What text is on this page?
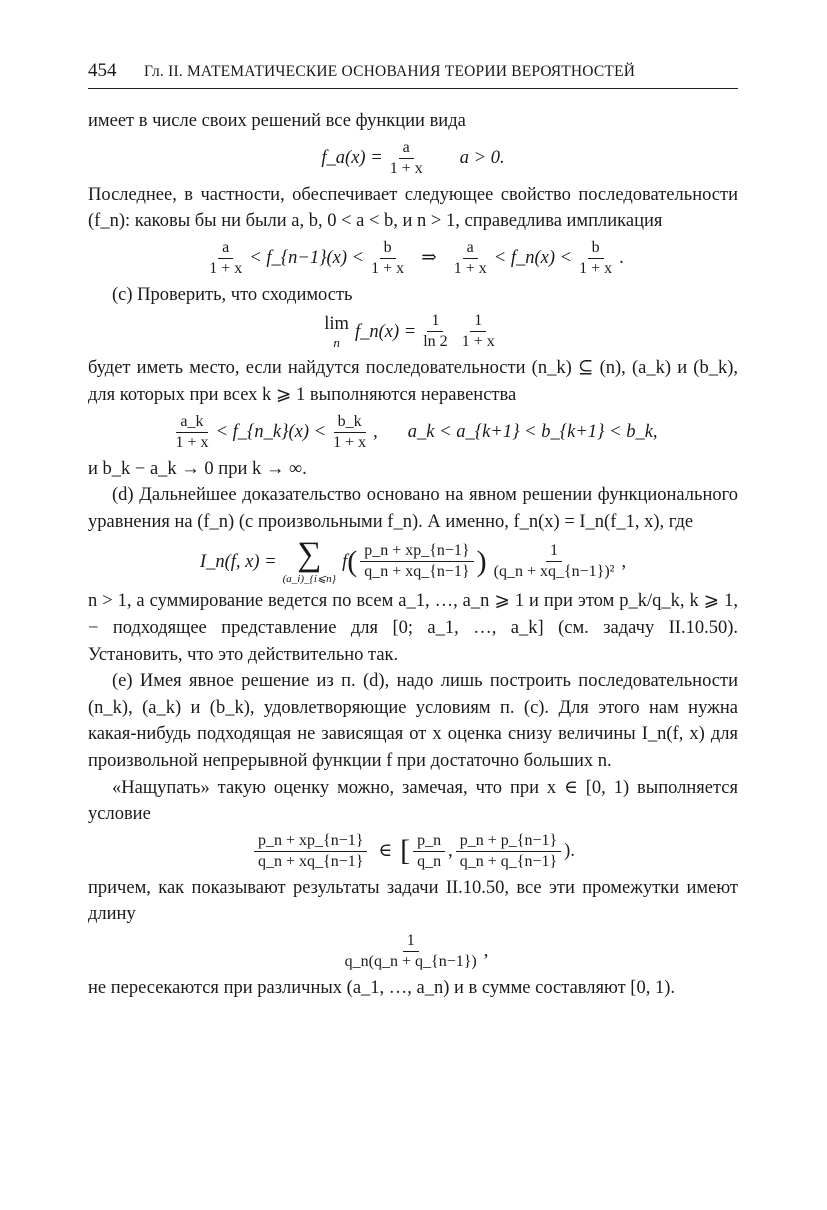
454 Гл. II. МАТЕМАТИЧЕСКИЕ ОСНОВАНИЯ ТЕОРИИ ВЕРОЯТНОСТЕЙ

имеет в числе своих решений все функции вида

f_a(x) = $\frac{a}{1 + x}$ a > 0.

Последнее, в частности, обеспечивает следующее свойство последовательности (f_n): каковы бы ни были a, b, 0 < a < b, и n > 1, справедлива импликация

a
1 + x
< f_{n−1}(x) <
b
1 + x
⇒
a
1 + x
< f_n(x) <
b
1 + x
.

(c) Проверить, что сходимость

lim
n
f_n(x) = $\frac{1}{\ln 2} 1$
1 + x

будет иметь место, если найдутся последовательности (n_k) ⊆ (n), (a_k) и (b_k), для которых при всех k ⩾ 1 выполняются неравенства

a_k
1 + x
< f_{n_k}(x) <
b_k
1 + x
, a_k < a_{k+1} < b_{k+1} < b_k,

и b_k − a_k → 0 при k → ∞.

(d) Дальнейшее доказательство основано на явном решении функционального уравнения на (f_n) (с произвольными f_n). А именно, f_n(x) = I_n(f_1, x), где

I_n(f, x) = ∑
(a_i)_{i⩽n}
f ( p_n + xp_{n−1}
q_n + xq_{n−1} )	1
(q_n + xq_{n−1})²
,

n > 1, а суммирование ведется по всем a_1, …, a_n ⩾ 1 и при этом p_k/q_k, k ⩾ 1, − подходящее представление для [0; a_1, …, a_k] (см. задачу II.10.50). Установить, что это действительно так.

(e) Имея явное решение из п. (d), надо лишь построить последовательности (n_k), (a_k) и (b_k), удовлетворяющие условиям п. (c). Для этого нам нужна какая-нибудь подходящая не зависящая от x оценка снизу величины I_n(f, x) для произвольной непрерывной функции f при достаточно больших n.

«Нащупать» такую оценку можно, замечая, что при x ∈ [0, 1) выполняется условие

p_n + xp_{n−1}
q_n + xq_{n−1}
∈ [ p_n
q_n
,
p_n + p_{n−1}
q_n + q_{n−1}
).

причем, как показывают результаты задачи II.10.50, все эти промежутки имеют длину

1
q_n(q_n + q_{n−1})
,

не пересекаются при различных (a_1, …, a_n) и в сумме составляют [0, 1).
